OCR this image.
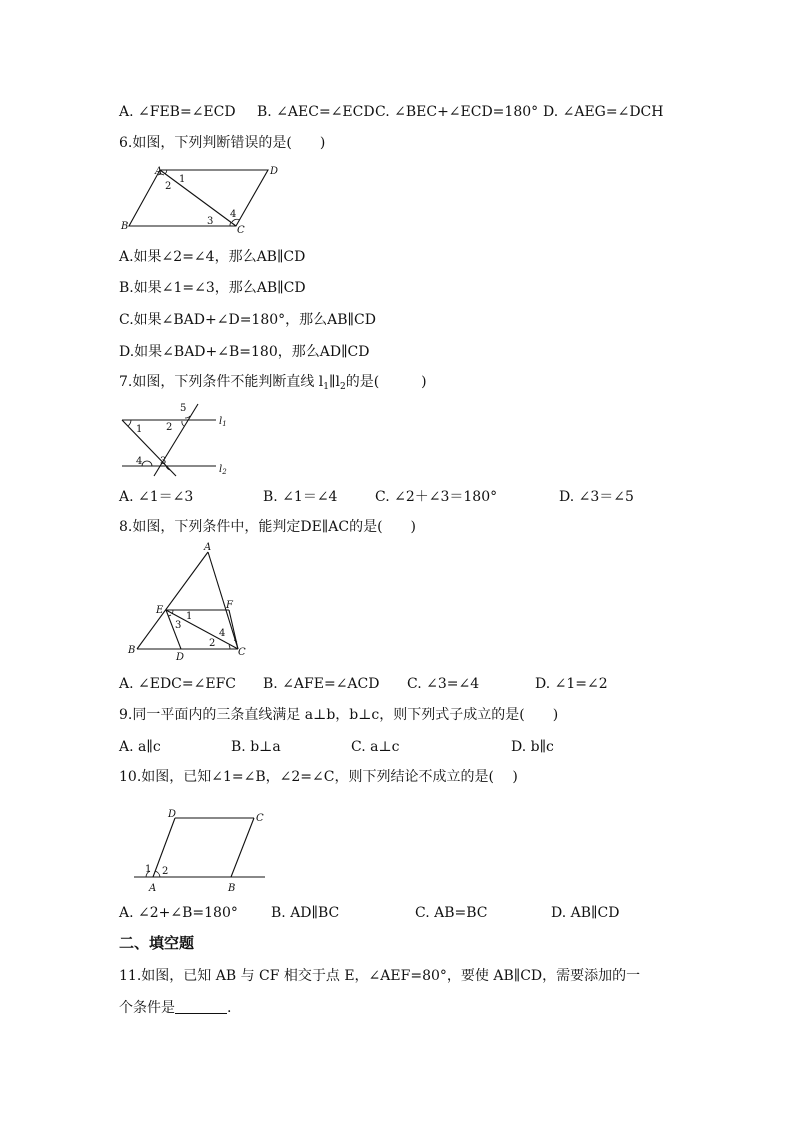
A. ∠FEB=∠ECD B. ∠AEC=∠ECD C. ∠BEC+∠ECD=180° D. ∠AEG=∠DCH
6.如图，下列判断错误的是(　　)
A	D
B	C
1
2
3
4
A.如果∠2=∠4，那么AB∥CD
B.如果∠1=∠3，那么AB∥CD
C.如果∠BAD+∠D=180°，那么AB∥CD
D.如果∠BAD+∠B=180，那么AD∥CD
7.如图，下列条件不能判断直线 $l_1\parallel l_2$的是(　　　)
1 2
3
4
5
$l_1$
$l_2$
A. ∠1＝∠3	B. ∠1＝∠4	C. ∠2＋∠3＝180°	D. ∠3＝∠5
8.如图，下列条件中，能判定DE∥AC的是(　　)
A
B	C
D
E	F
1
2
3
4
A. ∠EDC=∠EFC B. ∠AFE=∠ACD C. ∠3=∠4	D. ∠1=∠2
9.同一平面内的三条直线满足 a⊥b，b⊥c，则下列式子成立的是(　　)
A. a∥c	B. b⊥a	C. a⊥c	D. b∥c
10.如图，已知∠1=∠B，∠2=∠C，则下列结论不成立的是(　 )
D	C
A	B
1 2
A. ∠2+∠B=180° B. AD∥BC	C. AB=BC	D. AB∥CD
二、填空题
11.如图，已知 AB 与 CF 相交于点 E，∠AEF=80°，要使 AB∥CD，需要添加的一
个条件是	.
